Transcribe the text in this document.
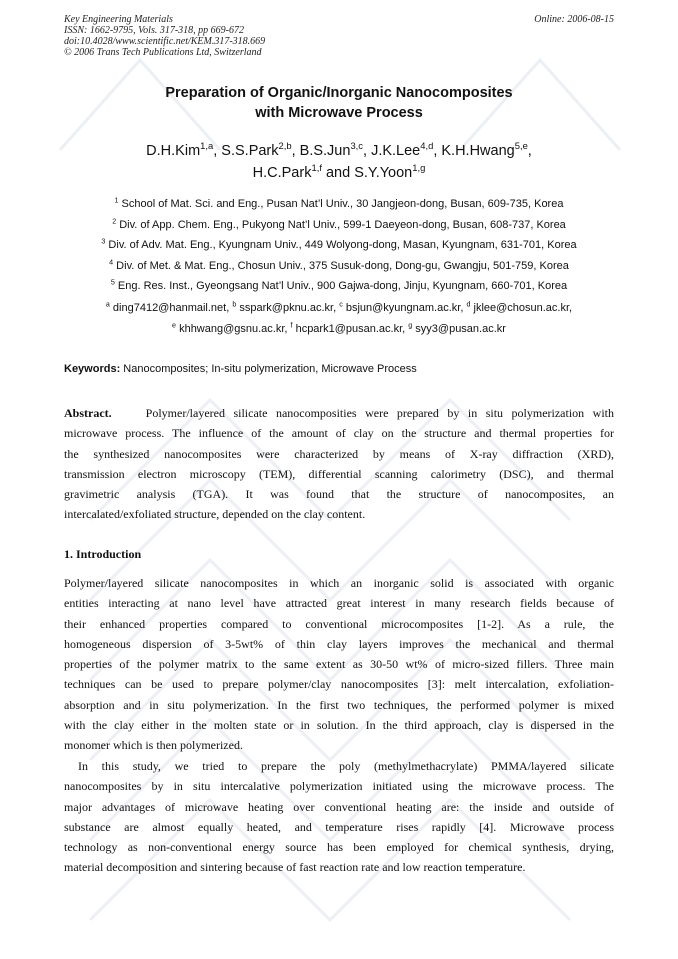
Key Engineering Materials
ISSN: 1662-9795, Vols. 317-318, pp 669-672
doi:10.4028/www.scientific.net/KEM.317-318.669
© 2006 Trans Tech Publications Ltd, Switzerland
Online: 2006-08-15
Preparation of Organic/Inorganic Nanocomposites
with Microwave Process
D.H.Kim$^{1,a}$, S.S.Park$^{2,b}$, B.S.Jun$^{3,c}$, J.K.Lee$^{4,d}$, K.H.Hwang$^{5,e}$,
H.C.Park$^{1,f}$ and S.Y.Yoon$^{1,g}$
$^1$ School of Mat. Sci. and Eng., Pusan Nat’l Univ., 30 Jangjeon-dong, Busan, 609-735, Korea
$^2$ Div. of App. Chem. Eng., Pukyong Nat’l Univ., 599-1 Daeyeon-dong, Busan, 608-737, Korea
$^3$ Div. of Adv. Mat. Eng., Kyungnam Univ., 449 Wolyong-dong, Masan, Kyungnam, 631-701, Korea
$^4$ Div. of Met. & Mat. Eng., Chosun Univ., 375 Susuk-dong, Dong-gu, Gwangju, 501-759, Korea
$^5$ Eng. Res. Inst., Gyeongsang Nat’l Univ., 900 Gajwa-dong, Jinju, Kyungnam, 660-701, Korea
$^a$ ding7412@hanmail.net, $^b$ sspark@pknu.ac.kr, $^c$ bsjun@kyungnam.ac.kr, $^d$ jklee@chosun.ac.kr,
$^e$ khhwang@gsnu.ac.kr, $^f$ hcpark1@pusan.ac.kr, $^g$ syy3@pusan.ac.kr
Keywords: Nanocomposites; In-situ polymerization, Microwave Process
Abstract.	Polymer/layered silicate nanocomposities were prepared by in situ polymerization with
microwave process. The influence of the amount of clay on the structure and thermal properties for
the synthesized nanocomposites were characterized by means of X-ray diffraction (XRD),
transmission electron microscopy (TEM), differential scanning calorimetry (DSC), and thermal
gravimetric analysis (TGA). It was found that the structure of nanocomposites, an
intercalated/exfoliated structure, depended on the clay content.
1. Introduction
Polymer/layered silicate nanocomposites in which an inorganic solid is associated with organic
entities interacting at nano level have attracted great interest in many research fields because of
their enhanced properties compared to conventional microcomposites [1-2]. As a rule, the
homogeneous dispersion of 3-5wt% of thin clay layers improves the mechanical and thermal
properties of the polymer matrix to the same extent as 30-50 wt% of micro-sized fillers. Three main
techniques can be used to prepare polymer/clay nanocomposites [3]: melt intercalation, exfoliation-
absorption and in situ polymerization. In the first two techniques, the performed polymer is mixed
with the clay either in the molten state or in solution. In the third approach, clay is dispersed in the
monomer which is then polymerized.
In this study, we tried to prepare the poly (methylmethacrylate) PMMA/layered silicate
nanocomposites by in situ intercalative polymerization initiated using the microwave process. The
major advantages of microwave heating over conventional heating are: the inside and outside of
substance are almost equally heated, and temperature rises rapidly [4]. Microwave process
technology as non-conventional energy source has been employed for chemical synthesis, drying,
material decomposition and sintering because of fast reaction rate and low reaction temperature.
